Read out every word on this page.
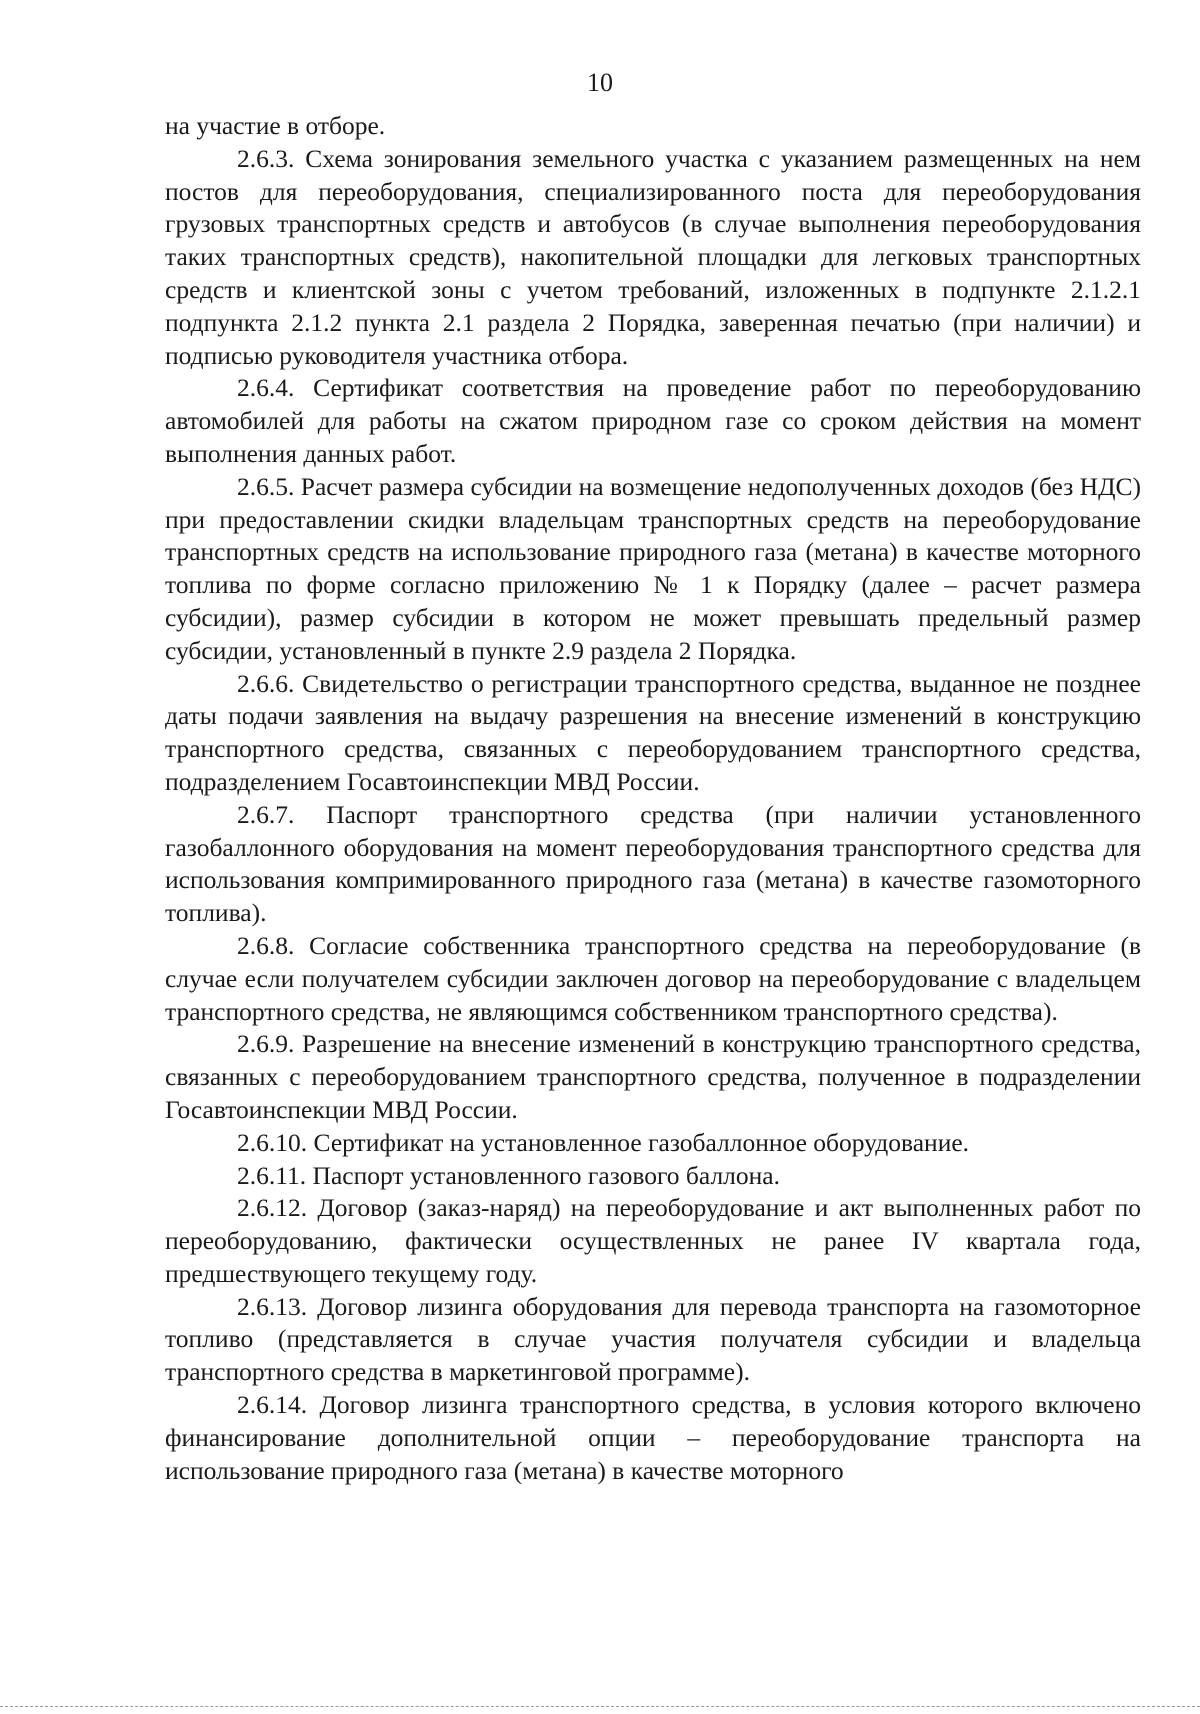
10

на участие в отборе.

2.6.3. Схема зонирования земельного участка с указанием размещенных на нем постов для переоборудования, специализированного поста для переоборудования грузовых транспортных средств и автобусов (в случае выполнения переоборудования таких транспортных средств), накопительной площадки для легковых транспортных средств и клиентской зоны с учетом требований, изложенных в подпункте 2.1.2.1 подпункта 2.1.2 пункта 2.1 раздела 2 Порядка, заверенная печатью (при наличии) и подписью руководителя участника отбора.

2.6.4. Сертификат соответствия на проведение работ по переоборудованию автомобилей для работы на сжатом природном газе со сроком действия на момент выполнения данных работ.

2.6.5. Расчет размера субсидии на возмещение недополученных доходов (без НДС) при предоставлении скидки владельцам транспортных средств на переоборудование транспортных средств на использование природного газа (метана) в качестве моторного топлива по форме согласно приложению № 1 к Порядку (далее – расчет размера субсидии), размер субсидии в котором не может превышать предельный размер субсидии, установленный в пункте 2.9 раздела 2 Порядка.

2.6.6. Свидетельство о регистрации транспортного средства, выданное не позднее даты подачи заявления на выдачу разрешения на внесение изменений в конструкцию транспортного средства, связанных с переоборудованием транспортного средства, подразделением Госавтоинспекции МВД России.

2.6.7. Паспорт транспортного средства (при наличии установленного газобаллонного оборудования на момент переоборудования транспортного средства для использования компримированного природного газа (метана) в качестве газомоторного топлива).

2.6.8. Согласие собственника транспортного средства на переоборудование (в случае если получателем субсидии заключен договор на переоборудование с владельцем транспортного средства, не являющимся собственником транспортного средства).

2.6.9. Разрешение на внесение изменений в конструкцию транспортного средства, связанных с переоборудованием транспортного средства, полученное в подразделении Госавтоинспекции МВД России.

2.6.10. Сертификат на установленное газобаллонное оборудование.

2.6.11. Паспорт установленного газового баллона.

2.6.12. Договор (заказ-наряд) на переоборудование и акт выполненных работ по переоборудованию, фактически осуществленных не ранее IV квартала года, предшествующего текущему году.

2.6.13. Договор лизинга оборудования для перевода транспорта на газомоторное топливо (представляется в случае участия получателя субсидии и владельца транспортного средства в маркетинговой программе).

2.6.14. Договор лизинга транспортного средства, в условия которого включено финансирование дополнительной опции – переоборудование транспорта на использование природного газа (метана) в качестве моторного
